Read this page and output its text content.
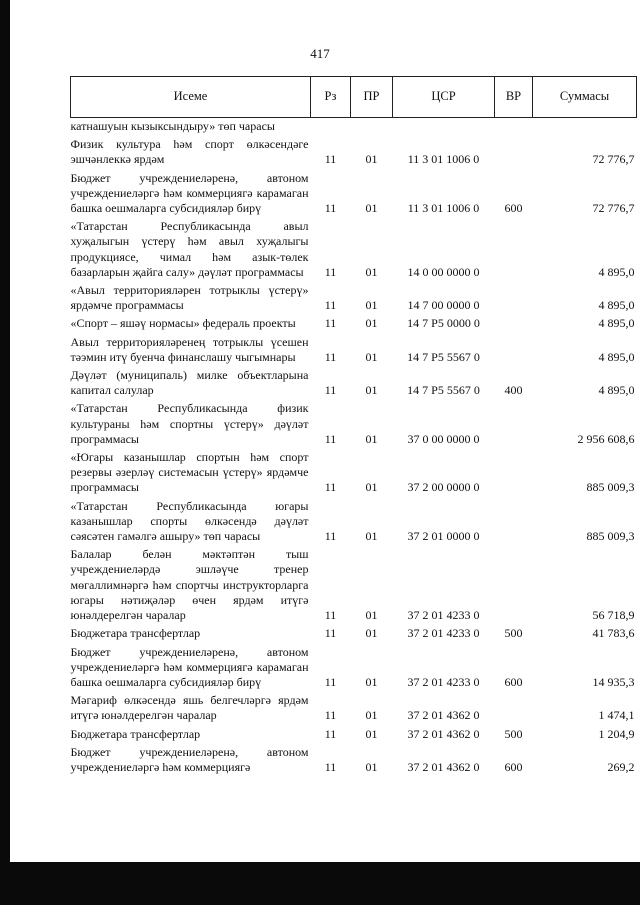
417
Исеме	Рз	ПР	ЦСР	ВР	Суммасы
катнашуын кызыксындыру» төп чарасы					
Физик культура һәм спорт өлкәсендәге эшчәнлеккә ярдәм	11	01	11 3 01 1006 0		72 776,7
Бюджет учреждениеләренә, автоном учреждениеләргә һәм коммерциягә карамаган башка оешмаларга субсидияләр бирү	11	01	11 3 01 1006 0	600	72 776,7
«Татарстан Республикасында авыл хуҗалыгын үстерү һәм авыл хуҗалыгы продукциясе, чимал һәм азык-төлек базарларын җайга салу» дәүләт программасы	11	01	14 0 00 0000 0		4 895,0
«Авыл территорияләрен тотрыклы үстерү» ярдәмче программасы	11	01	14 7 00 0000 0		4 895,0
«Спорт – яшәү нормасы» федераль проекты	11	01	14 7 P5 0000 0		4 895,0
Авыл территорияләренең тотрыклы үсешен тәэмин итү буенча финанслашу чыгымнары	11	01	14 7 P5 5567 0		4 895,0
Дәүләт (муниципаль) милке объектларына капитал салулар	11	01	14 7 P5 5567 0	400	4 895,0
«Татарстан Республикасында физик культураны һәм спортны үстерү» дәүләт программасы	11	01	37 0 00 0000 0		2 956 608,6
«Югары казанышлар спортын һәм спорт резервы әзерләү системасын үстерү» ярдәмче программасы	11	01	37 2 00 0000 0		885 009,3
«Татарстан Республикасында югары казанышлар спорты өлкәсендә дәүләт сәясәтен гамәлгә ашыру» төп чарасы	11	01	37 2 01 0000 0		885 009,3
Балалар белән мәктәптән тыш учреждениеләрдә эшләүче тренер мөгаллимнәргә һәм спортчы инструкторларга югары нәтиҗәләр өчен ярдәм итүгә юнәлдерелгән чаралар	11	01	37 2 01 4233 0		56 718,9
Бюджетара трансфертлар	11	01	37 2 01 4233 0	500	41 783,6
Бюджет учреждениеләренә, автоном учреждениеләргә һәм коммерциягә карамаган башка оешмаларга субсидияләр бирү	11	01	37 2 01 4233 0	600	14 935,3
Мәгариф өлкәсендә яшь белгечләргә ярдәм итүгә юнәлдерелгән чаралар	11	01	37 2 01 4362 0		1 474,1
Бюджетара трансфертлар	11	01	37 2 01 4362 0	500	1 204,9
Бюджет учреждениеләренә, автоном учреждениеләргә һәм коммерциягә	11	01	37 2 01 4362 0	600	269,2
